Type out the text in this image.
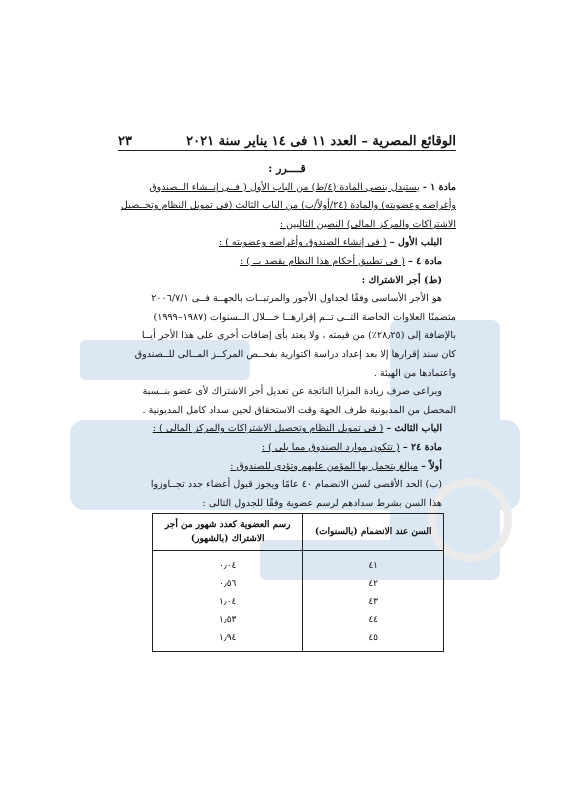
الوقائع المصرية – العدد ١١ فى ١٤ يناير سنة ٢٠٢١
٢٣

قــــرر :

مادة ١ - يستبدل بنصى المادة (٤/ط) من الباب الأول ( فــى إنــشاء الــصندوق

وأغراضه وعضويته) والمادة (٢٤/أولاً/ب) من الباب الثالث (فى تمويل النظام وتحــصيل

الاشتراكات والمركز المالى) النصين التاليين :

البلب الأول – ( فى إنشاء الصندوق وأغراضه وعضويته ) :

مادة ٤ – ( فى تطبيق أحكام هذا النظام يقصد بــ ) :

(ط) أجر الاشتراك :

هو الأجر الأساسى وفقًا لجداول الأجور والمرتبــات بالجهــة فــى ٢٠٠٦/٧/١

متضمنًا العلاوات الخاصة التــى تــم إقرارهــا خـــلال الــسنوات (١٩٨٧–١٩٩٩)

بالإضافة إلى (٢٨٫٢٥٪) من قيمته ، ولا يعتد بأى إضافات أخرى على هذا الأجر أيــا

كان سند إقرارها إلا بعد إعداد دراسة اكتوارية بفحــص المركــز المــالى للــصندوق

واعتمادها من الهيئة .

ويراعى صرف زيادة المزايا الناتجة عن تعديل أجر الاشتراك لأى عضو بنــسبة

المحصل من المديونية طرف الجهة وقت الاستحقاق لحين سداد كامل المديونية .

الباب الثالث – ( فى تمويل النظام وتحصيل الاشتراكات والمركز المالى ) :

مادة ٢٤ – ( تتكون موارد الصندوق مما يلى ) :

أولاً – مبالغ يتحمل بها المؤمن عليهم وتؤدى للصندوق :

(ب) الحد الأقصى لسن الانضمام ٤٠ عامًا ويجوز قبول أعضاء جدد تجــاوزوا

هذا السن بشرط سدادهم لرسم عضوية وفقًا للجدول التالى :

السن عند الانضمام (بالسنوات)	رسم العضوية كعدد شهور من أجر الاشتراك (بالشهور)
٤١	٠٫٠٤
٤٢	٠٫٥٦
٤٣	١٫٠٤
٤٤	١٫٥٣
٤٥	١٫٩٤
